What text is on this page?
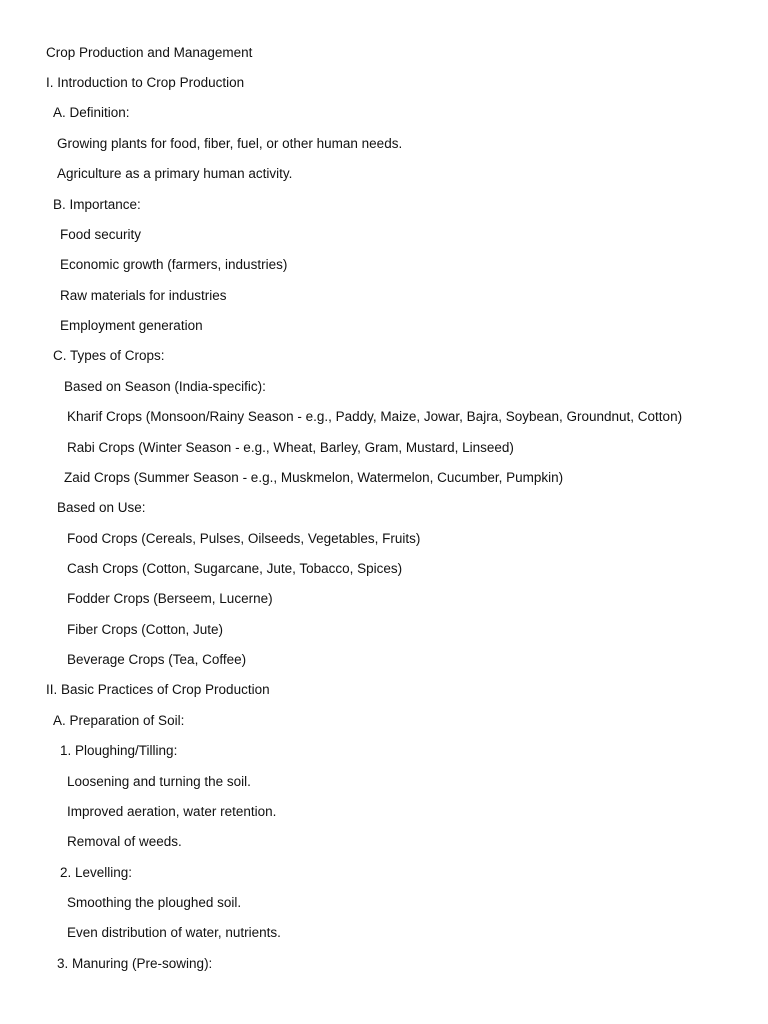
Crop Production and Management
I. Introduction to Crop Production
A. Definition:
Growing plants for food, fiber, fuel, or other human needs.
Agriculture as a primary human activity.
B. Importance:
Food security
Economic growth (farmers, industries)
Raw materials for industries
Employment generation
C. Types of Crops:
Based on Season (India-specific):
Kharif Crops (Monsoon/Rainy Season - e.g., Paddy, Maize, Jowar, Bajra, Soybean, Groundnut, Cotton)
Rabi Crops (Winter Season - e.g., Wheat, Barley, Gram, Mustard, Linseed)
Zaid Crops (Summer Season - e.g., Muskmelon, Watermelon, Cucumber, Pumpkin)
Based on Use:
Food Crops (Cereals, Pulses, Oilseeds, Vegetables, Fruits)
Cash Crops (Cotton, Sugarcane, Jute, Tobacco, Spices)
Fodder Crops (Berseem, Lucerne)
Fiber Crops (Cotton, Jute)
Beverage Crops (Tea, Coffee)
II. Basic Practices of Crop Production
A. Preparation of Soil:
1. Ploughing/Tilling:
Loosening and turning the soil.
Improved aeration, water retention.
Removal of weeds.
2. Levelling:
Smoothing the ploughed soil.
Even distribution of water, nutrients.
3. Manuring (Pre-sowing):
